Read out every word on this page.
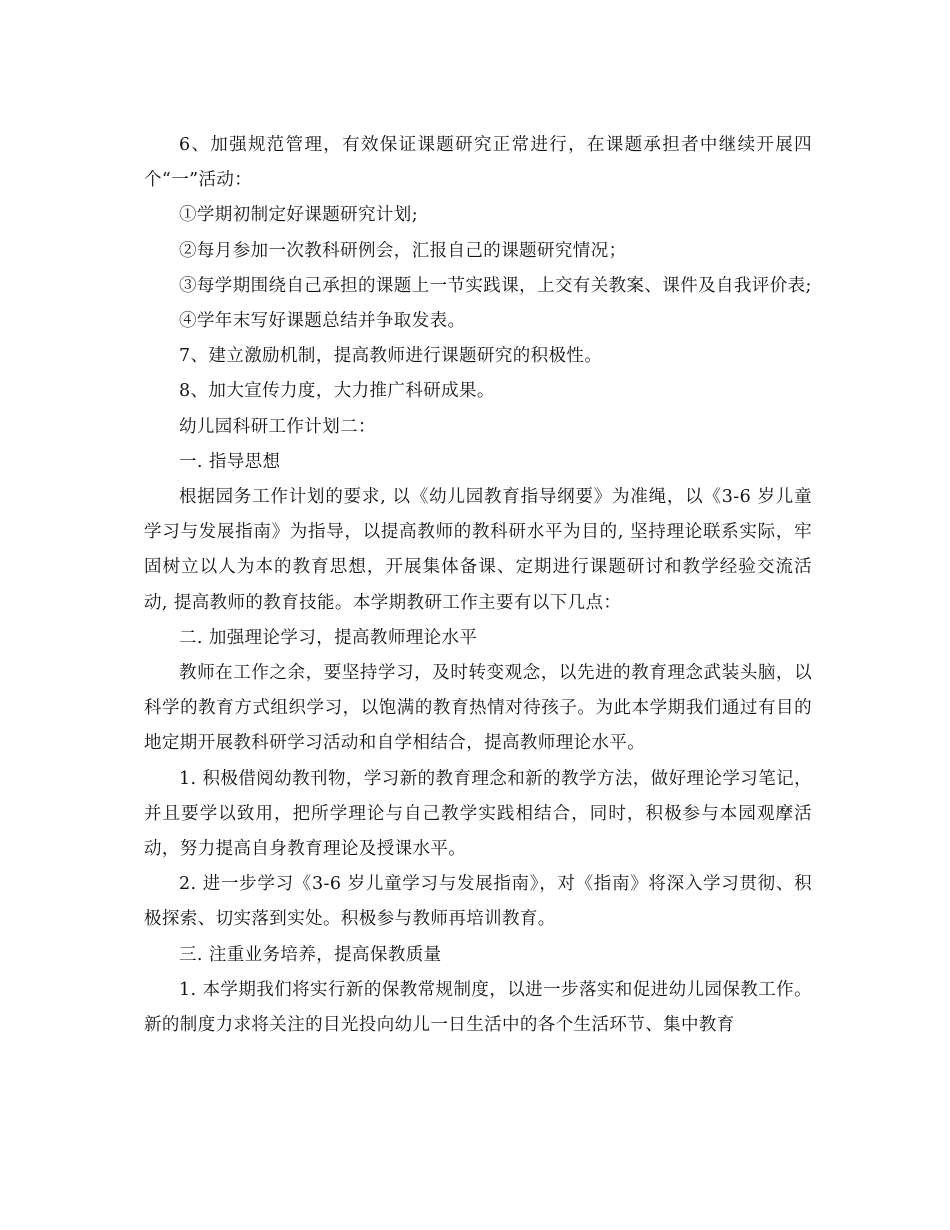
6、加强规范管理，有效保证课题研究正常进行，在课题承担者中继续开展四个“一”活动：

①学期初制定好课题研究计划;

②每月参加一次教科研例会，汇报自己的课题研究情况；

③每学期围绕自己承担的课题上一节实践课，上交有关教案、课件及自我评价表;

④学年末写好课题总结并争取发表。

7、建立激励机制，提高教师进行课题研究的积极性。

8、加大宣传力度，大力推广科研成果。

幼儿园科研工作计划二：

一. 指导思想

根据园务工作计划的要求, 以《幼儿园教育指导纲要》为准绳，以《3-6 岁儿童学习与发展指南》为指导，以提高教师的教科研水平为目的, 坚持理论联系实际，牢固树立以人为本的教育思想，开展集体备课、定期进行课题研讨和教学经验交流活动, 提高教师的教育技能。本学期教研工作主要有以下几点：

二. 加强理论学习，提高教师理论水平

教师在工作之余，要坚持学习，及时转变观念，以先进的教育理念武装头脑，以科学的教育方式组织学习，以饱满的教育热情对待孩子。为此本学期我们通过有目的地定期开展教科研学习活动和自学相结合，提高教师理论水平。

1. 积极借阅幼教刊物，学习新的教育理念和新的教学方法，做好理论学习笔记，并且要学以致用，把所学理论与自己教学实践相结合，同时，积极参与本园观摩活动，努力提高自身教育理论及授课水平。

2. 进一步学习《3-6 岁儿童学习与发展指南》，对《指南》将深入学习贯彻、积极探索、切实落到实处。积极参与教师再培训教育。

三. 注重业务培养，提高保教质量

1. 本学期我们将实行新的保教常规制度，以进一步落实和促进幼儿园保教工作。新的制度力求将关注的目光投向幼儿一日生活中的各个生活环节、集中教育
